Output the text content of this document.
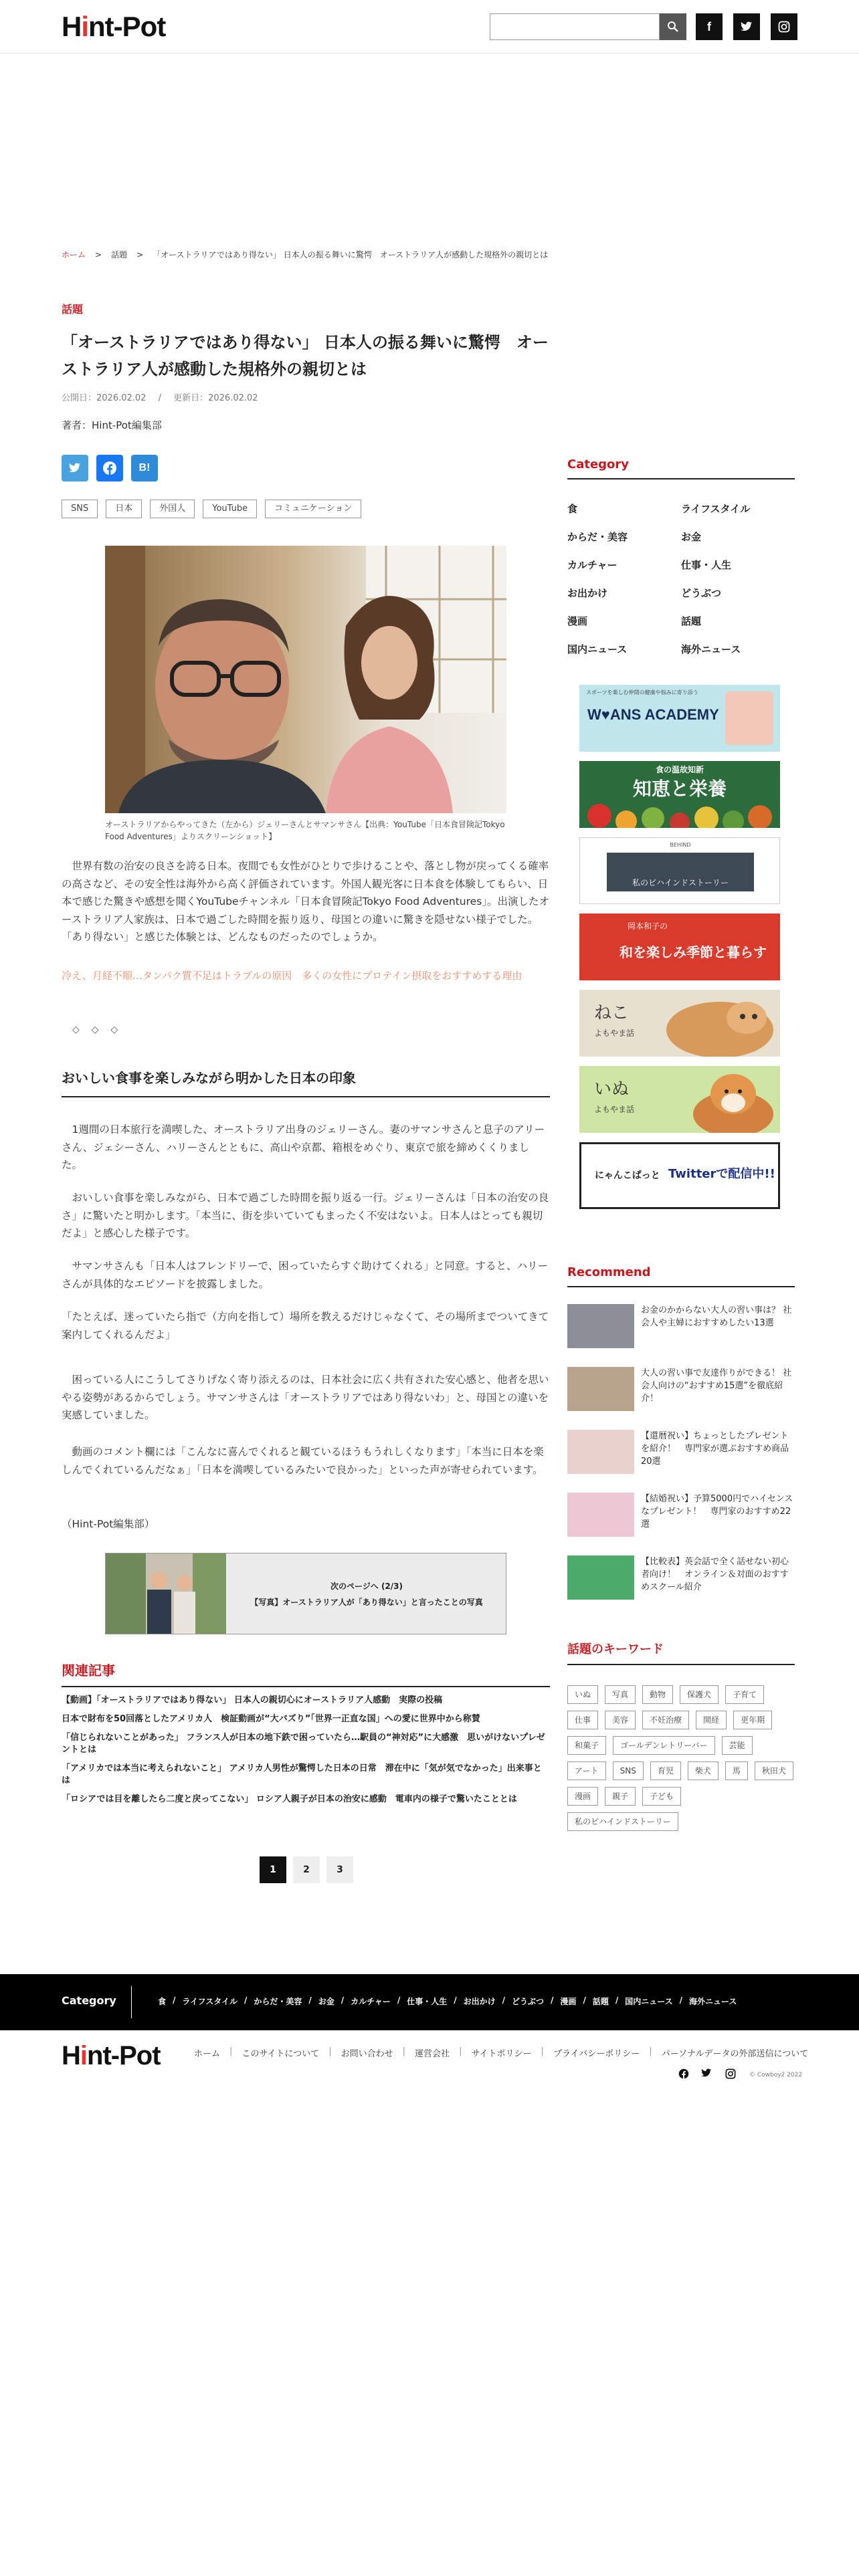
Hint-Pot	f
ホーム > 話題 > 「オーストラリアではあり得ない」 日本人の振る舞いに驚愕　オーストラリア人が感動した規格外の親切とは
話題
「オーストラリアではあり得ない」 日本人の振る舞いに驚愕　オーストラリア人が感動した規格外の親切とは
公開日：2026.02.02 / 更新日：2026.02.02
著者：Hint-Pot編集部
B!
SNS	日本	外国人	YouTube	コミュニケーション
オーストラリアからやってきた（左から）ジェリーさんとサマンサさん【出典：YouTube「日本食冒険記Tokyo Food Adventures」よりスクリーンショット】

　世界有数の治安の良さを誇る日本。夜間でも女性がひとりで歩けることや、落とし物が戻ってくる確率の高さなど、その安全性は海外から高く評価されています。外国人観光客に日本食を体験してもらい、日本で感じた驚きや感想を聞くYouTubeチャンネル「日本食冒険記Tokyo Food Adventures」。出演したオーストラリア人家族は、日本で過ごした時間を振り返り、母国との違いに驚きを隠せない様子でした。「あり得ない」と感じた体験とは、どんなものだったのでしょうか。

冷え、月経不順…タンパク質不足はトラブルの原因　多くの女性にプロテイン摂取をおすすめする理由
◇◇◇
おいしい食事を楽しみながら明かした日本の印象

　1週間の日本旅行を満喫した、オーストラリア出身のジェリーさん。妻のサマンサさんと息子のアリーさん、ジェシーさん、ハリーさんとともに、高山や京都、箱根をめぐり、東京で旅を締めくくりました。

　おいしい食事を楽しみながら、日本で過ごした時間を振り返る一行。ジェリーさんは「日本の治安の良さ」に驚いたと明かします。「本当に、街を歩いていてもまったく不安はないよ。日本人はとっても親切だよ」と感心した様子です。

　サマンサさんも「日本人はフレンドリーで、困っていたらすぐ助けてくれる」と同意。すると、ハリーさんが具体的なエピソードを披露しました。

「たとえば、迷っていたら指で（方向を指して）場所を教えるだけじゃなくて、その場所までついてきて案内してくれるんだよ」

　困っている人にこうしてさりげなく寄り添えるのは、日本社会に広く共有された安心感と、他者を思いやる姿勢があるからでしょう。サマンサさんは「オーストラリアではあり得ないわ」と、母国との違いを実感していました。

　動画のコメント欄には「こんなに喜んでくれると観ているほうもうれしくなります」「本当に日本を楽しんでくれているんだなぁ」「日本を満喫しているみたいで良かった」といった声が寄せられています。

（Hint-Pot編集部）

次のページへ (2/3)
【写真】オーストラリア人が「あり得ない」と言ったことの写真
関連記事
【動画】「オーストラリアではあり得ない」 日本人の親切心にオーストラリア人感動　実際の投稿
日本で財布を50回落としたアメリカ人　検証動画が“大バズり”「世界一正直な国」への愛に世界中から称賛
「信じられないことがあった」 フランス人が日本の地下鉄で困っていたら…駅員の“神対応”に大感激　思いがけないプレゼントとは
「アメリカでは本当に考えられないこと」 アメリカ人男性が驚愕した日本の日常　滞在中に「気が気でなかった」出来事とは
「ロシアでは目を離したら二度と戻ってこない」 ロシア人親子が日本の治安に感動　電車内の様子で驚いたこととは
1	2	3
Category
食	ライフスタイル
からだ・美容	お金
カルチャー	仕事・人生
お出かけ	どうぶつ
漫画	話題
国内ニュース	海外ニュース
スポーツを楽しむ仲間の健康や悩みに寄り添う
W♥ANS ACADEMY
食の温故知新
知恵と栄養
BEHIND
私のビハインドストーリー
岡本和子の
和を楽しみ季節と暮らす
ねこ
よもやま話
いぬ
よもやま話
にゃんこぱっと Twitterで配信中!!
Recommend
お金のかからない大人の習い事は？ 社会人や主婦におすすめしたい13選
大人の習い事で友達作りができる！ 社会人向けの“おすすめ15選”を徹底紹介！
【還暦祝い】ちょっとしたプレゼントを紹介！　専門家が選ぶおすすめ商品20選
【結婚祝い】予算5000円でハイセンスなプレゼント！　専門家のおすすめ22選
【比較表】英会話で全く話せない初心者向け！　オンライン＆対面のおすすめスクール紹介
話題のキーワード
いぬ	写真	動物	保護犬	子育て
仕事	美容	不妊治療	開経	更年期
和菓子	ゴールデンレトリーバー	芸能
アート	SNS	育児	柴犬	馬	秋田犬
漫画	親子	子ども
私のビハインドストーリー
Category	食 / ライフスタイル / からだ・美容 / お金 / カルチャー / 仕事・人生 / お出かけ / どうぶつ / 漫画 / 話題 / 国内ニュース / 海外ニュース
Hint-Pot	ホーム | このサイトについて | お問い合わせ | 運営会社 | サイトポリシー | プライバシーポリシー | パーソナルデータの外部送信について
© Cowboy2 2022
